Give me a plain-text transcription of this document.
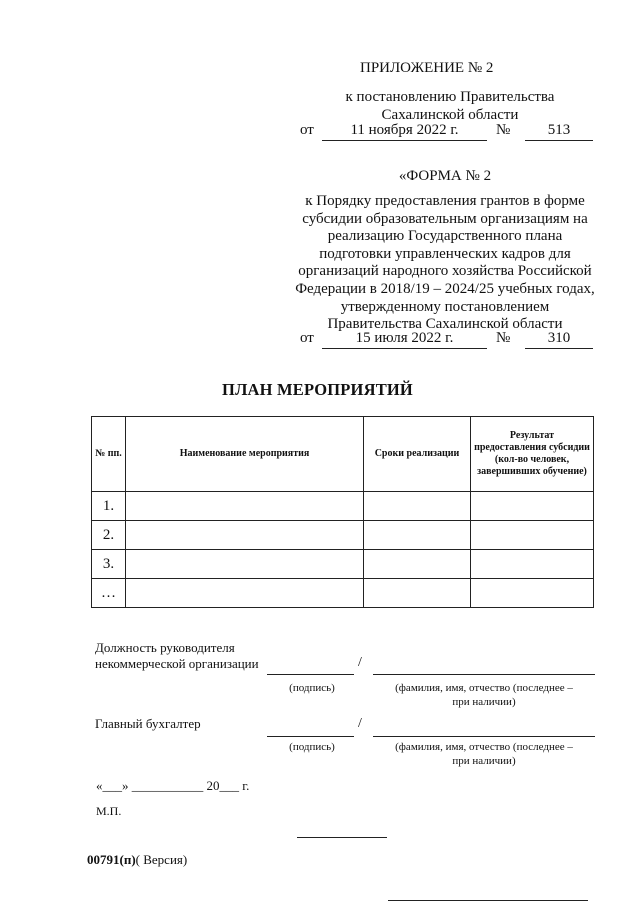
ПРИЛОЖЕНИЕ № 2
к постановлению Правительства
Сахалинской области
от	11 ноября 2022 г.	№	513
«ФОРМА № 2
к Порядку предоставления грантов в форме
субсидии образовательным организациям на
реализацию Государственного плана
подготовки управленческих кадров для
организаций народного хозяйства Российской
Федерации в 2018/19 – 2024/25 учебных годах,
утвержденному постановлением
Правительства Сахалинской области
от	15 июля 2022 г.	№	310
ПЛАН МЕРОПРИЯТИЙ
№ пп.	Наименование мероприятия	Сроки реализации	Результат предоставления субсидии (кол-во человек, завершивших обучение)
1.			
2.			
3.			
…			
Должность руководителя
некоммерческой организации	/
(подпись)	(фамилия, имя, отчество (последнее –
при наличии)
Главный бухгалтер	/
(подпись)	(фамилия, имя, отчество (последнее –
при наличии)
«___» ___________ 20___ г.
М.П.
00791(п)( Версия)
